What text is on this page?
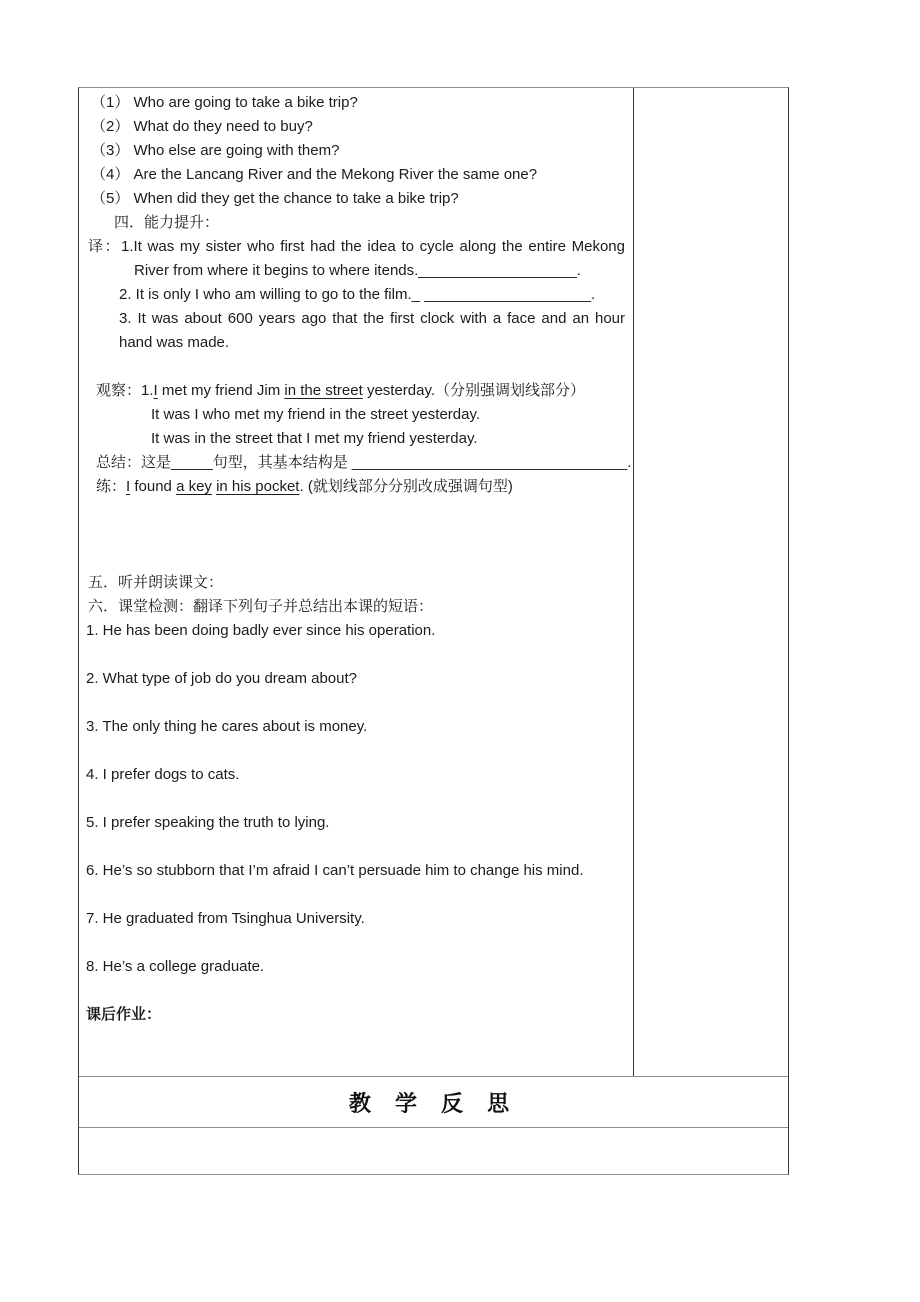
（1） Who are going to take a bike trip?
（2） What do they need to buy?
（3） Who else are going with them?
（4） Are the Lancang River and the Mekong River the same one?
（5） When did they get the chance to take a bike trip?
四．能力提升：
译：1.It was my sister who first had the idea to cycle along the entire Mekong
River from where it begins to where itends.___________________.
2. It is only I who am willing to go to the film._ ____________________.
3. It was about 600 years ago that the first clock with a face and an hour
hand was made.
观察：1.I met my friend Jim in the street yesterday.（分别强调划线部分）
It was I who met my friend in the street yesterday.
It was in the street that I met my friend yesterday.
总结：这是_____句型，其基本结构是 _________________________________.
练：I found a key in his pocket. (就划线部分分别改成强调句型)
五．听并朗读课文：
六．课堂检测：翻译下列句子并总结出本课的短语：
1. He has been doing badly ever since his operation.
2. What type of job do you dream about?
3. The only thing he cares about is money.
4. I prefer dogs to cats.
5. I prefer speaking the truth to lying.
6. He’s so stubborn that I’m afraid I can’t persuade him to change his mind.
7. He graduated from Tsinghua University.
8. He’s a college graduate.
课后作业：
教 学 反 思
